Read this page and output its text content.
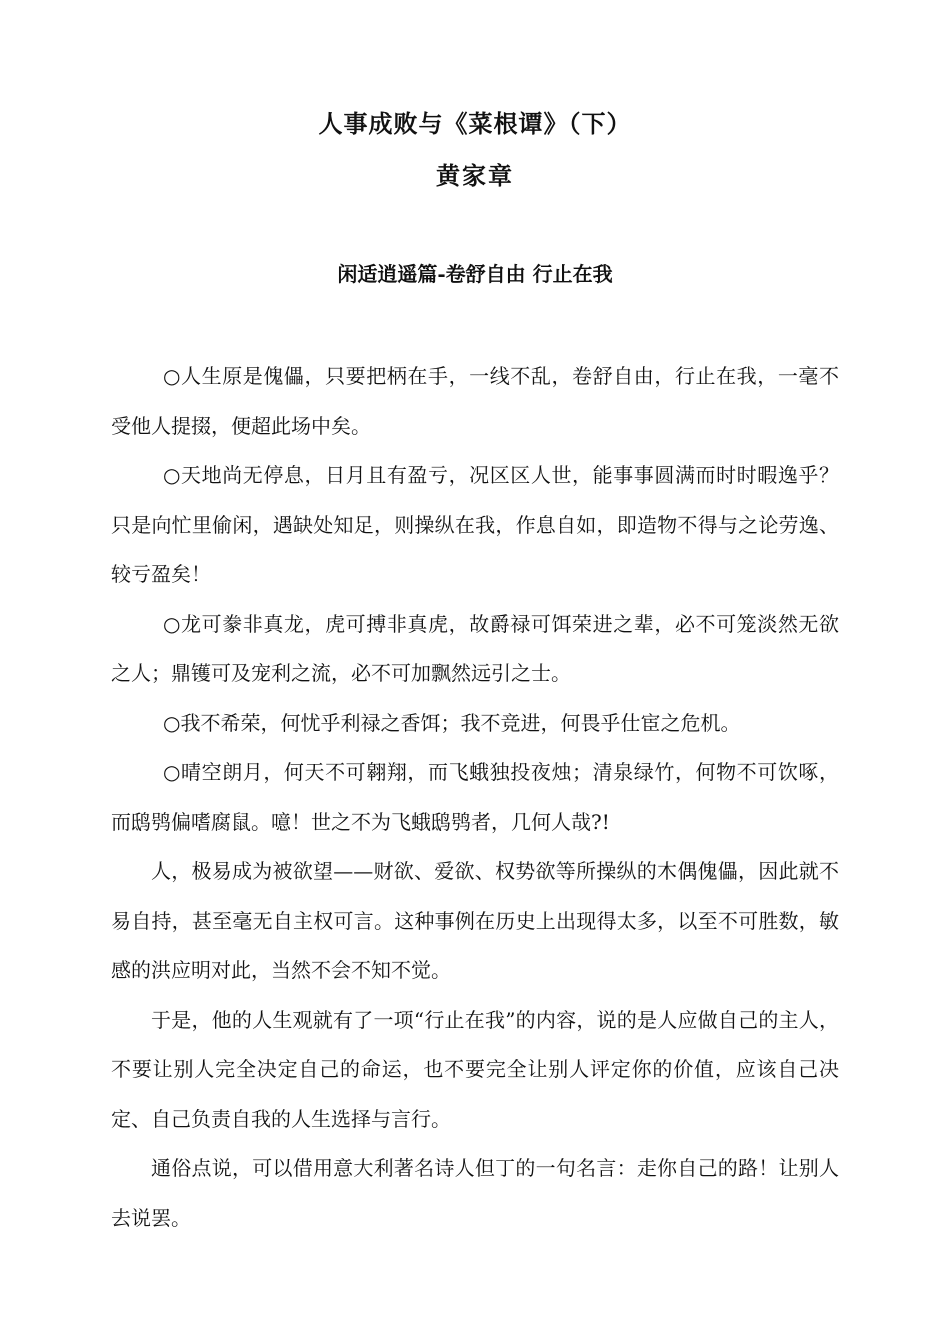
人事成败与《菜根谭》（下）
黄家章
闲适逍遥篇-卷舒自由 行止在我

○人生原是傀儡，只要把柄在手，一线不乱，卷舒自由，行止在我，一毫不受他人提掇，便超此场中矣。

○天地尚无停息，日月且有盈亏，况区区人世，能事事圆满而时时暇逸乎？只是向忙里偷闲，遇缺处知足，则操纵在我，作息自如，即造物不得与之论劳逸、较亏盈矣！

○龙可豢非真龙，虎可搏非真虎，故爵禄可饵荣进之辈，必不可笼淡然无欲之人；鼎镬可及宠利之流，必不可加飘然远引之士。

○我不希荣，何忧乎利禄之香饵；我不竞进，何畏乎仕宦之危机。

○晴空朗月，何天不可翱翔，而飞蛾独投夜烛；清泉绿竹，何物不可饮啄，而鸱鸮偏嗜腐鼠。噫！世之不为飞蛾鸱鸮者，几何人哉?!

人，极易成为被欲望——财欲、爱欲、权势欲等所操纵的木偶傀儡，因此就不易自持，甚至毫无自主权可言。这种事例在历史上出现得太多，以至不可胜数，敏感的洪应明对此，当然不会不知不觉。

于是，他的人生观就有了一项“行止在我”的内容，说的是人应做自己的主人，不要让别人完全决定自己的命运，也不要完全让别人评定你的价值，应该自己决定、自己负责自我的人生选择与言行。

通俗点说，可以借用意大利著名诗人但丁的一句名言：走你自己的路！让别人去说罢。
